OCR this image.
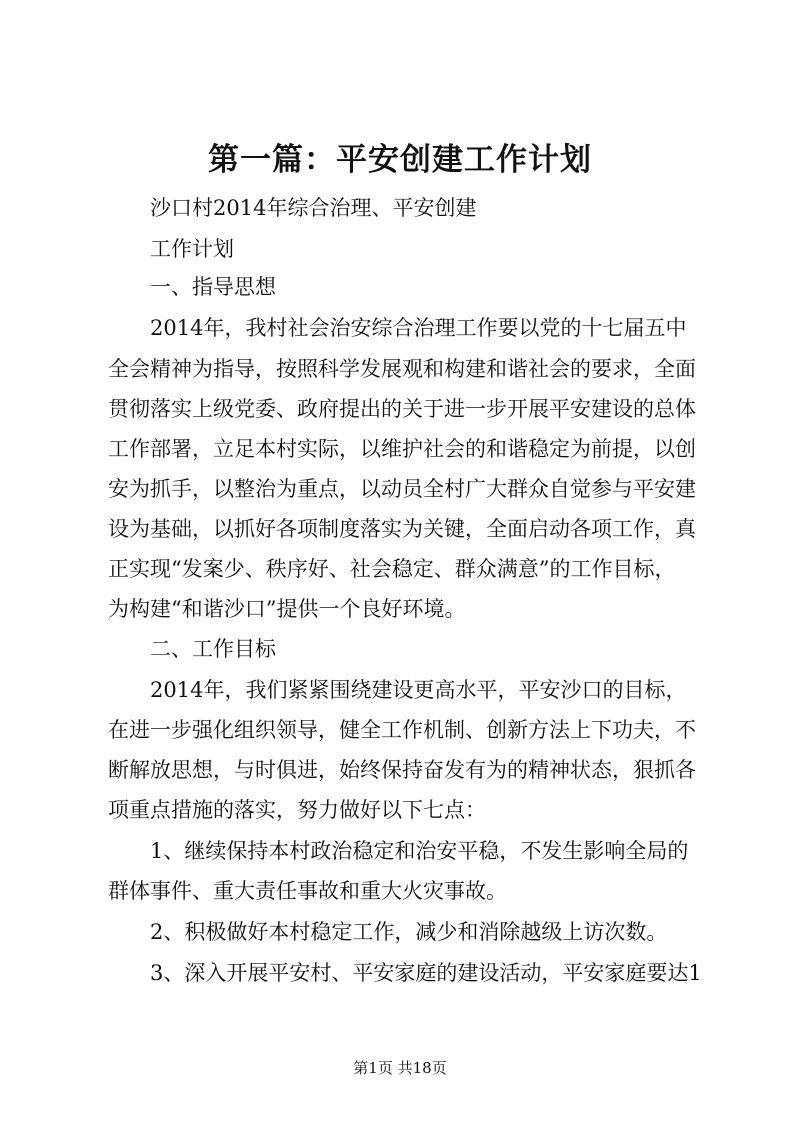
第一篇：平安创建工作计划

沙口村2014年综合治理、平安创建

工作计划

一、指导思想

2014年，我村社会治安综合治理工作要以党的十七届五中

全会精神为指导，按照科学发展观和构建和谐社会的要求，全面

贯彻落实上级党委、政府提出的关于进一步开展平安建设的总体

工作部署，立足本村实际，以维护社会的和谐稳定为前提，以创

安为抓手，以整治为重点，以动员全村广大群众自觉参与平安建

设为基础，以抓好各项制度落实为关键，全面启动各项工作，真

正实现“发案少、秩序好、社会稳定、群众满意”的工作目标，

为构建“和谐沙口”提供一个良好环境。

二、工作目标

2014年，我们紧紧围绕建设更高水平，平安沙口的目标，

在进一步强化组织领导，健全工作机制、创新方法上下功夫，不

断解放思想，与时俱进，始终保持奋发有为的精神状态，狠抓各

项重点措施的落实，努力做好以下七点：

1、继续保持本村政治稳定和治安平稳，不发生影响全局的

群体事件、重大责任事故和重大火灾事故。

2、积极做好本村稳定工作，减少和消除越级上访次数。

3、深入开展平安村、平安家庭的建设活动，平安家庭要达1

第1页 共18页
